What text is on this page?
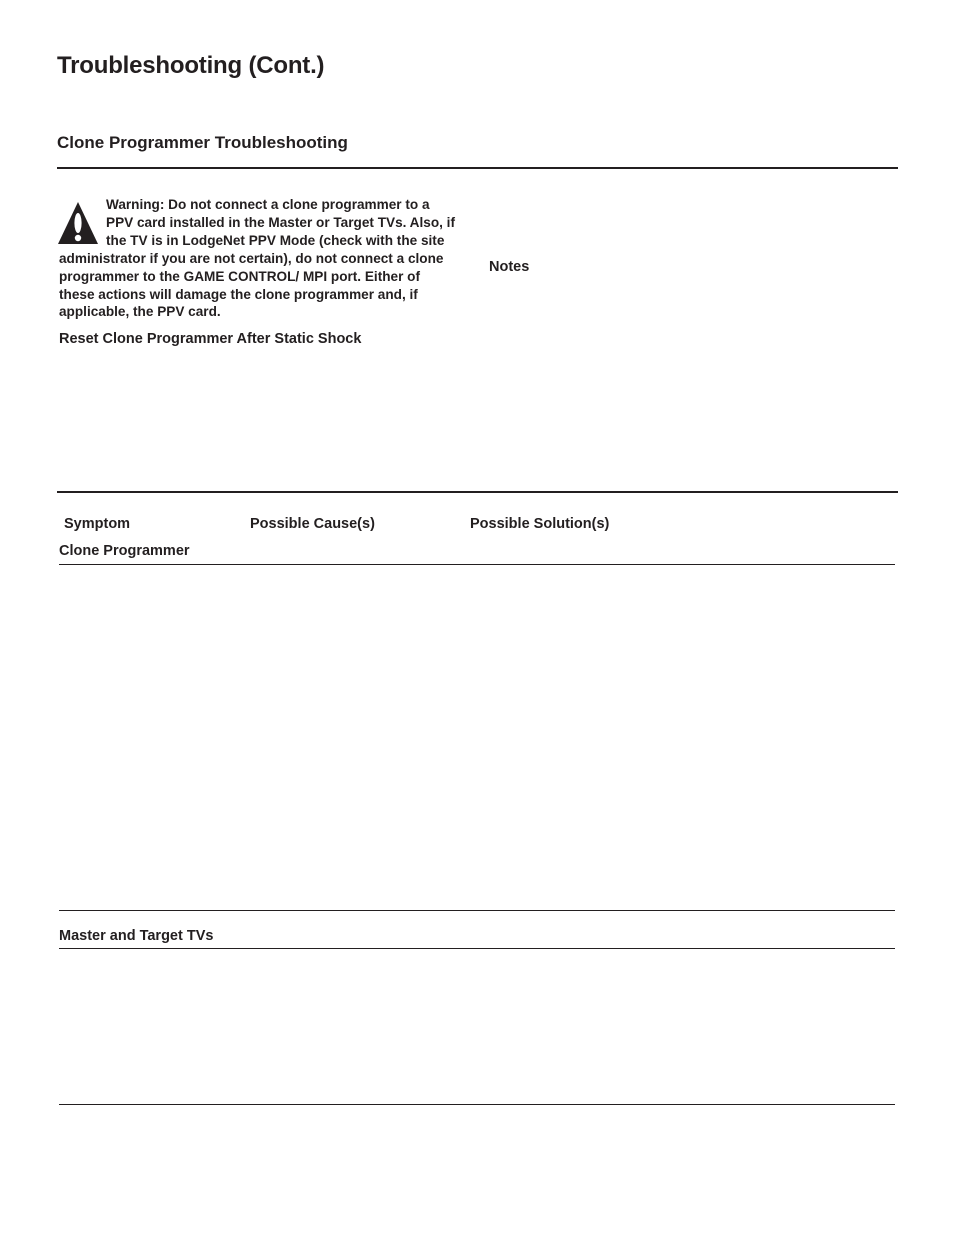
Troubleshooting (Cont.)
Clone Programmer Troubleshooting
Warning: Do not connect a clone programmer to a PPV card installed in the Master or Target TVs. Also, if the TV is in LodgeNet PPV Mode (check with the site administrator if you are not certain), do not connect a clone programmer to the GAME CONTROL/ MPI port. Either of these actions will damage the clone programmer and, if applicable, the PPV card.
Reset Clone Programmer After Static Shock
Notes
Symptom	Possible Cause(s)	Possible Solution(s)
Clone Programmer
Master and Target TVs
